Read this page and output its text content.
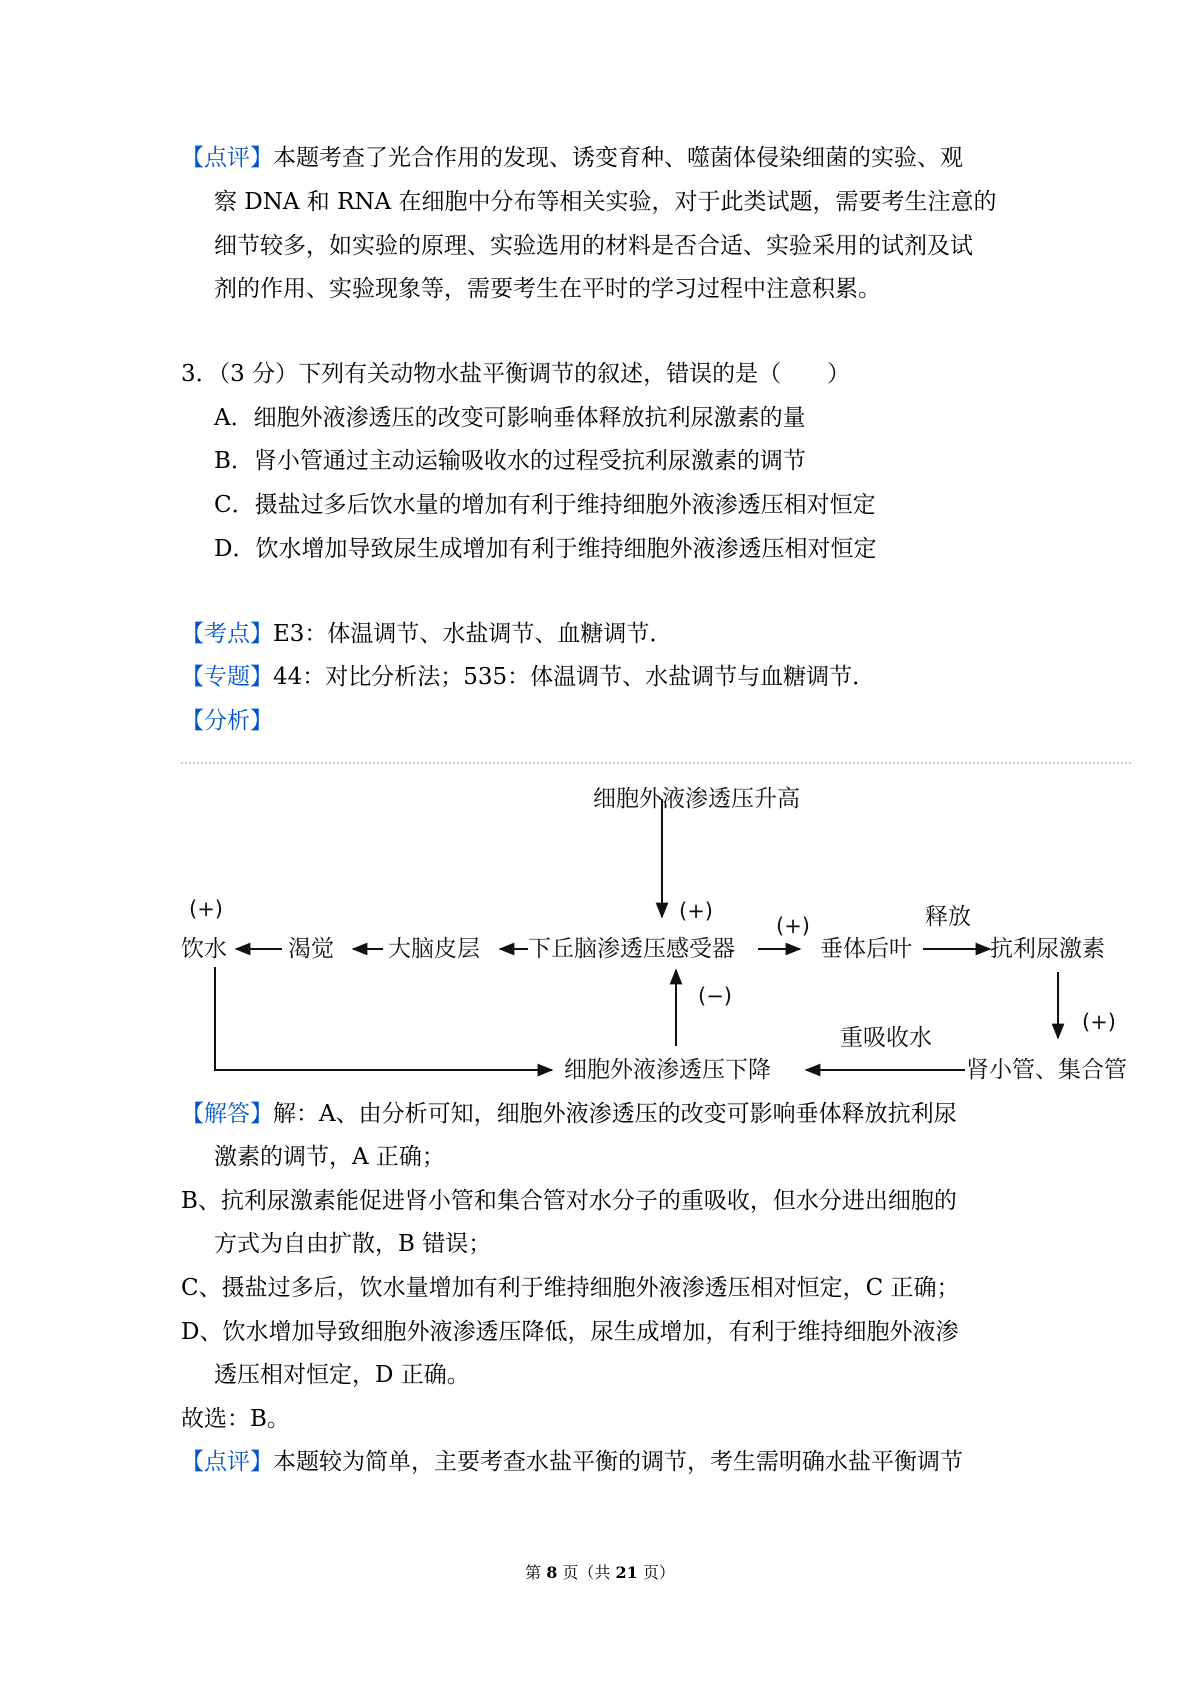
【点评】本题考查了光合作用的发现、诱变育种、噬菌体侵染细菌的实验、观
察 DNA 和 RNA 在细胞中分布等相关实验，对于此类试题，需要考生注意的
细节较多，如实验的原理、实验选用的材料是否合适、实验采用的试剂及试
剂的作用、实验现象等，需要考生在平时的学习过程中注意积累。
3．（3 分）下列有关动物水盐平衡调节的叙述，错误的是（　　）
A．细胞外液渗透压的改变可影响垂体释放抗利尿激素的量
B．肾小管通过主动运输吸收水的过程受抗利尿激素的调节
C．摄盐过多后饮水量的增加有利于维持细胞外液渗透压相对恒定
D．饮水增加导致尿生成增加有利于维持细胞外液渗透压相对恒定
【考点】E3：体温调节、水盐调节、血糖调节．
【专题】44：对比分析法；535：体温调节、水盐调节与血糖调节．
【分析】
细胞外液渗透压升高
(+)
(+)
饮水	渴觉 大脑皮层 下丘脑渗透压感受器
(+)
垂体后叶
释放
抗利尿激素
(−)
(+)
重吸收水
细胞外液渗透压下降	肾小管、集合管
【解答】解：A、由分析可知，细胞外液渗透压的改变可影响垂体释放抗利尿
激素的调节，A 正确；
B、抗利尿激素能促进肾小管和集合管对水分子的重吸收，但水分进出细胞的
方式为自由扩散，B 错误；
C、摄盐过多后，饮水量增加有利于维持细胞外液渗透压相对恒定，C 正确；
D、饮水增加导致细胞外液渗透压降低，尿生成增加，有利于维持细胞外液渗
透压相对恒定，D 正确。
故选：B。
【点评】本题较为简单，主要考查水盐平衡的调节，考生需明确水盐平衡调节
第 8 页（共 21 页）
